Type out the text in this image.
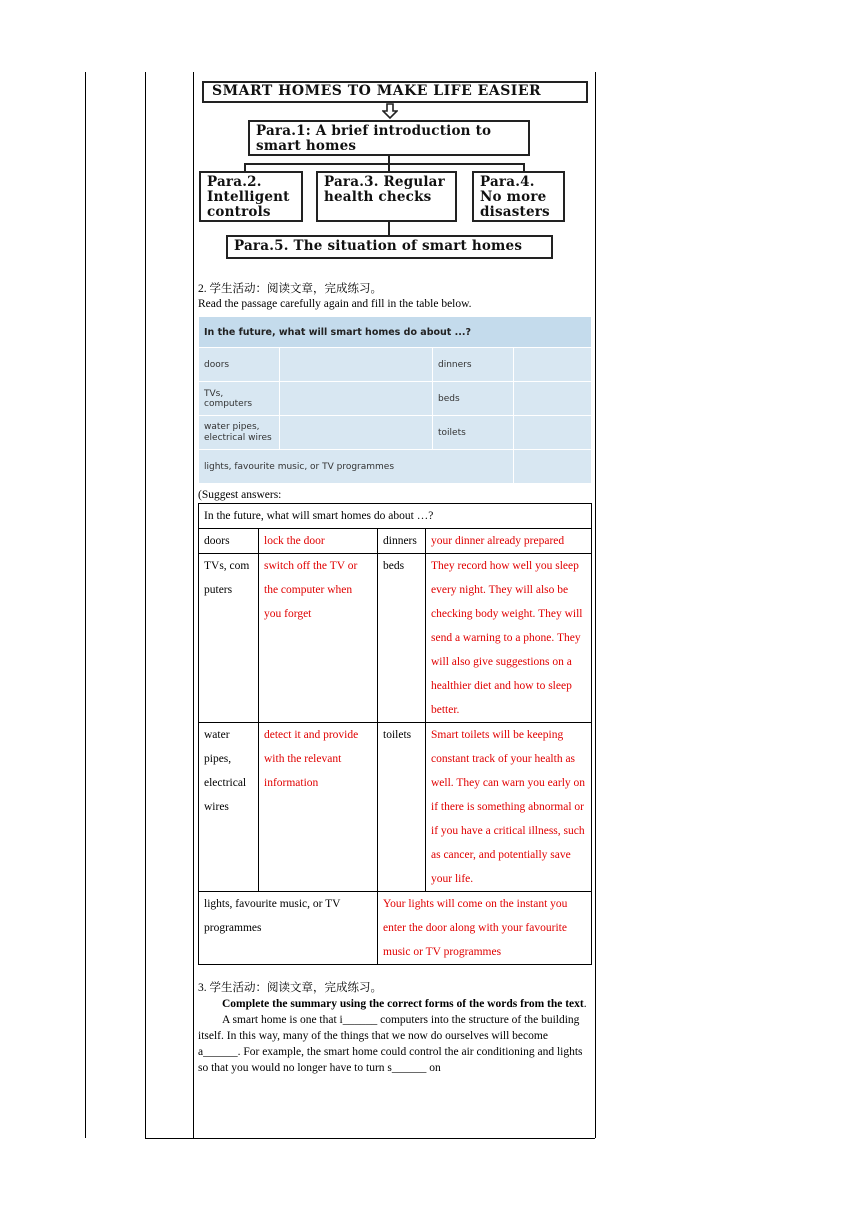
SMART HOMES TO MAKE LIFE EASIER
Para.1: A brief introduction to smart homes
Para.2. Intelligent controls
Para.3. Regular health checks
Para.4. No more disasters
Para.5. The situation of smart homes

2. 学生活动：阅读文章，完成练习。

Read the passage carefully again and fill in the table below.

In the future, what will smart homes do about ...?			
doors		dinners	
TVs, computers		beds	
water pipes, electrical wires		toilets	
lights, favourite music, or TV programmes			

(Suggest answers:

In the future, what will smart homes do about …?			
doors	lock the door	dinners	your dinner already prepared
TVs, computers	switch off the TV or the computer when you forget	beds	They record how well you sleep every night. They will also be checking body weight. They will send a warning to a phone. They will also give suggestions on a healthier diet and how to sleep better.
water pipes, electrical wires	detect it and provide with the relevant information	toilets	Smart toilets will be keeping constant track of your health as well. They can warn you early on if there is something abnormal or if you have a critical illness, such as cancer, and potentially save your life.
lights, favourite music, or TV programmes		Your lights will come on the instant you enter the door along with your favourite music or TV programmes	

3. 学生活动：阅读文章，完成练习。

Complete the summary using the correct forms of the words from the text.

A smart home is one that i______ computers into the structure of the building itself. In this way, many of the things that we now do ourselves will become a______. For example, the smart home could control the air conditioning and lights so that you would no longer have to turn s______ on
